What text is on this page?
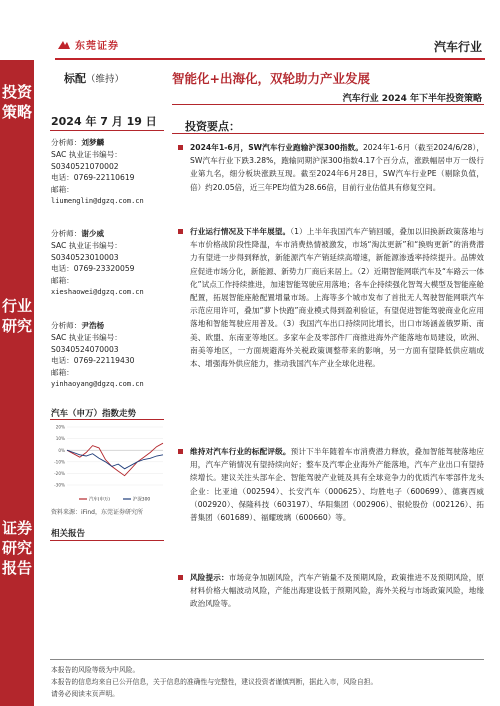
东莞证券	汽车行业
投资策略
行业研究
证券研究报告
标配（维持）	智能化+出海化，双轮助力产业发展
汽车行业 2024 年下半年投资策略
2024 年 7 月 19 日
分析师：刘梦麟
SAC 执业证书编号：
S0340521070002
电话：0769-22110619
邮箱：
liumenglin@dgzq.com.cn
分析师：谢少威
SAC 执业证书编号：
S0340523010003
电话：0769-23320059
邮箱：
xieshaowei@dgzq.com.cn
分析师：尹浩杨
SAC 执业证书编号：
S0340524070003
电话：0769-22119430
邮箱：
yinhaoyang@dgzq.com.cn
汽车（申万）指数走势
20%
10%
0%
-10%
-20%
-30%
汽车(申万)	沪深300
资料来源：iFind，东莞证券研究所
相关报告
投资要点：
2024年1-6月，SW汽车行业跑输沪深300指数。2024年1-6月（截至2024/6/28），SW汽车行业下跌3.28%，跑输同期沪深300指数4.17个百分点，涨跌幅居申万一级行业第九名，细分板块涨跌互现。截至2024年6月28日，SW汽车行业PE（剔除负值，倍）约20.05倍，近三年PE均值为28.66倍，目前行业估值具有修复空间。
行业运行情况及下半年展望。（1）上半年我国汽车产销回暖，叠加以旧换新政策落地与车市价格战阶段性降温，车市消费热情被激发，市场“淘汰更新”和“换购更新”的消费潜力有望进一步得到释放，新能源汽车产销延续高增速，新能源渗透率持续提升。品牌效应促进市场分化，新能源、新势力厂商后来居上。（2）近期智能网联汽车及“车路云一体化”试点工作持续推进，加速智能驾驶应用落地；各车企持续强化智驾大模型及智能座舱配置，拓展智能座舱配置增量市场。上海等多个城市发布了首批无人驾驶智能网联汽车示范应用许可，叠加“萝卜快跑”商业模式得到盈利验证，有望促进智能驾驶商业化应用落地和智能驾驶应用普及。（3）我国汽车出口持续同比增长，出口市场涵盖俄罗斯、南美、欧盟、东南亚等地区。多家车企及零部件厂商推进海外产能落地布局建设，欧洲、南美等地区，一方面规避海外关税政策调整带来的影响，另一方面有望降低供应端成本、增强海外供应能力，推动我国汽车产业全球化进程。
维持对汽车行业的标配评级。预计下半年随着车市消费潜力释放，叠加智能驾驶落地应用，汽车产销情况有望持续向好；整车及汽零企业海外产能落地，汽车产业出口有望持续增长。建议关注头部车企、智能驾驶产业链及具有全球竞争力的优质汽车零部件龙头企业：比亚迪（002594）、长安汽车（000625）、均胜电子（600699）、德赛西威（002920）、保隆科技（603197）、华阳集团（002906）、银轮股份（002126）、拓普集团（601689）、福耀玻璃（600660）等。
风险提示：市场竞争加剧风险，汽车产销量不及预期风险，政策推进不及预期风险，原材料价格大幅波动风险，产能出海建设低于预期风险，海外关税与市场政策风险，地缘政治风险等。
本报告的风险等级为中风险。
本报告的信息均来自已公开信息，关于信息的准确性与完整性，建议投资者谨慎判断，据此入市，风险自担。
请务必阅读末页声明。
